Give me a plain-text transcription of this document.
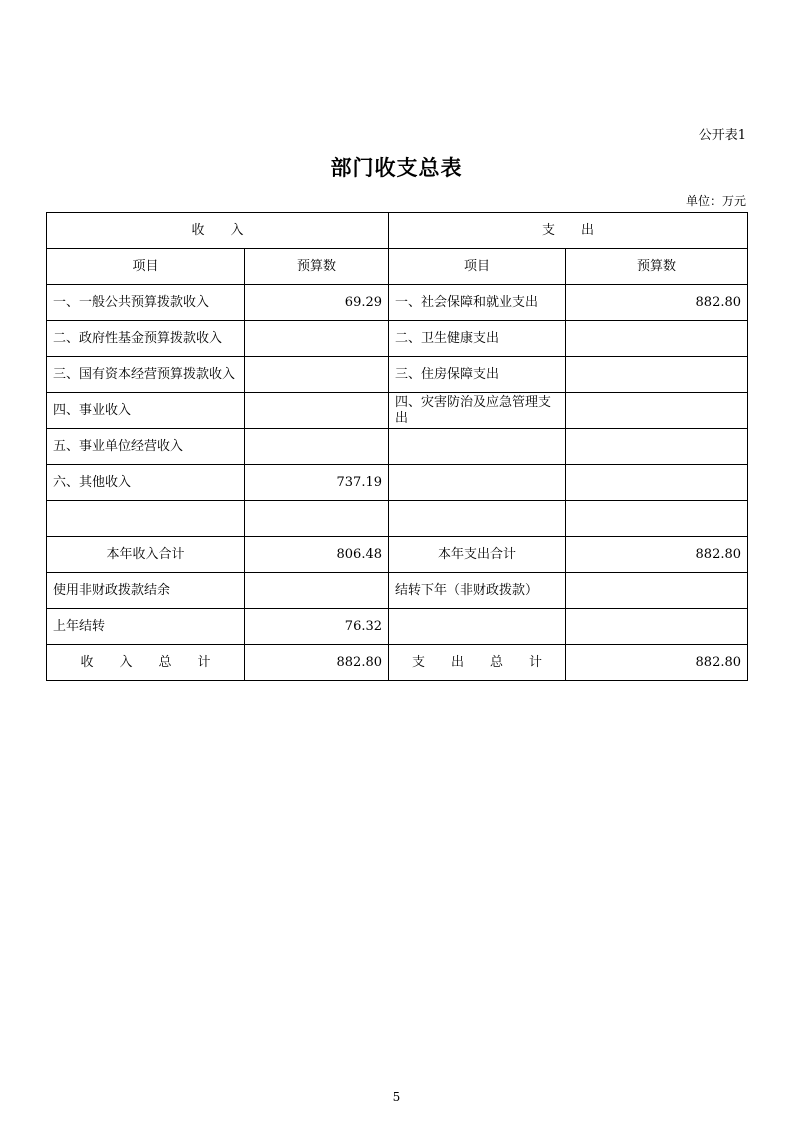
公开表1
部门收支总表
单位：万元
收　　入		支　　出	
项目	预算数	项目	预算数
一、一般公共预算拨款收入	69.29	一、社会保障和就业支出	882.80
二、政府性基金预算拨款收入		二、卫生健康支出	
三、国有资本经营预算拨款收入		三、住房保障支出	
四、事业收入		四、灾害防治及应急管理支出	
五、事业单位经营收入			
六、其他收入	737.19		

本年收入合计	806.48	本年支出合计	882.80
使用非财政拨款结余		结转下年（非财政拨款）	
上年结转	76.32		
收　　入　　总　　计	882.80	支　　出　　总　　计	882.80
5
